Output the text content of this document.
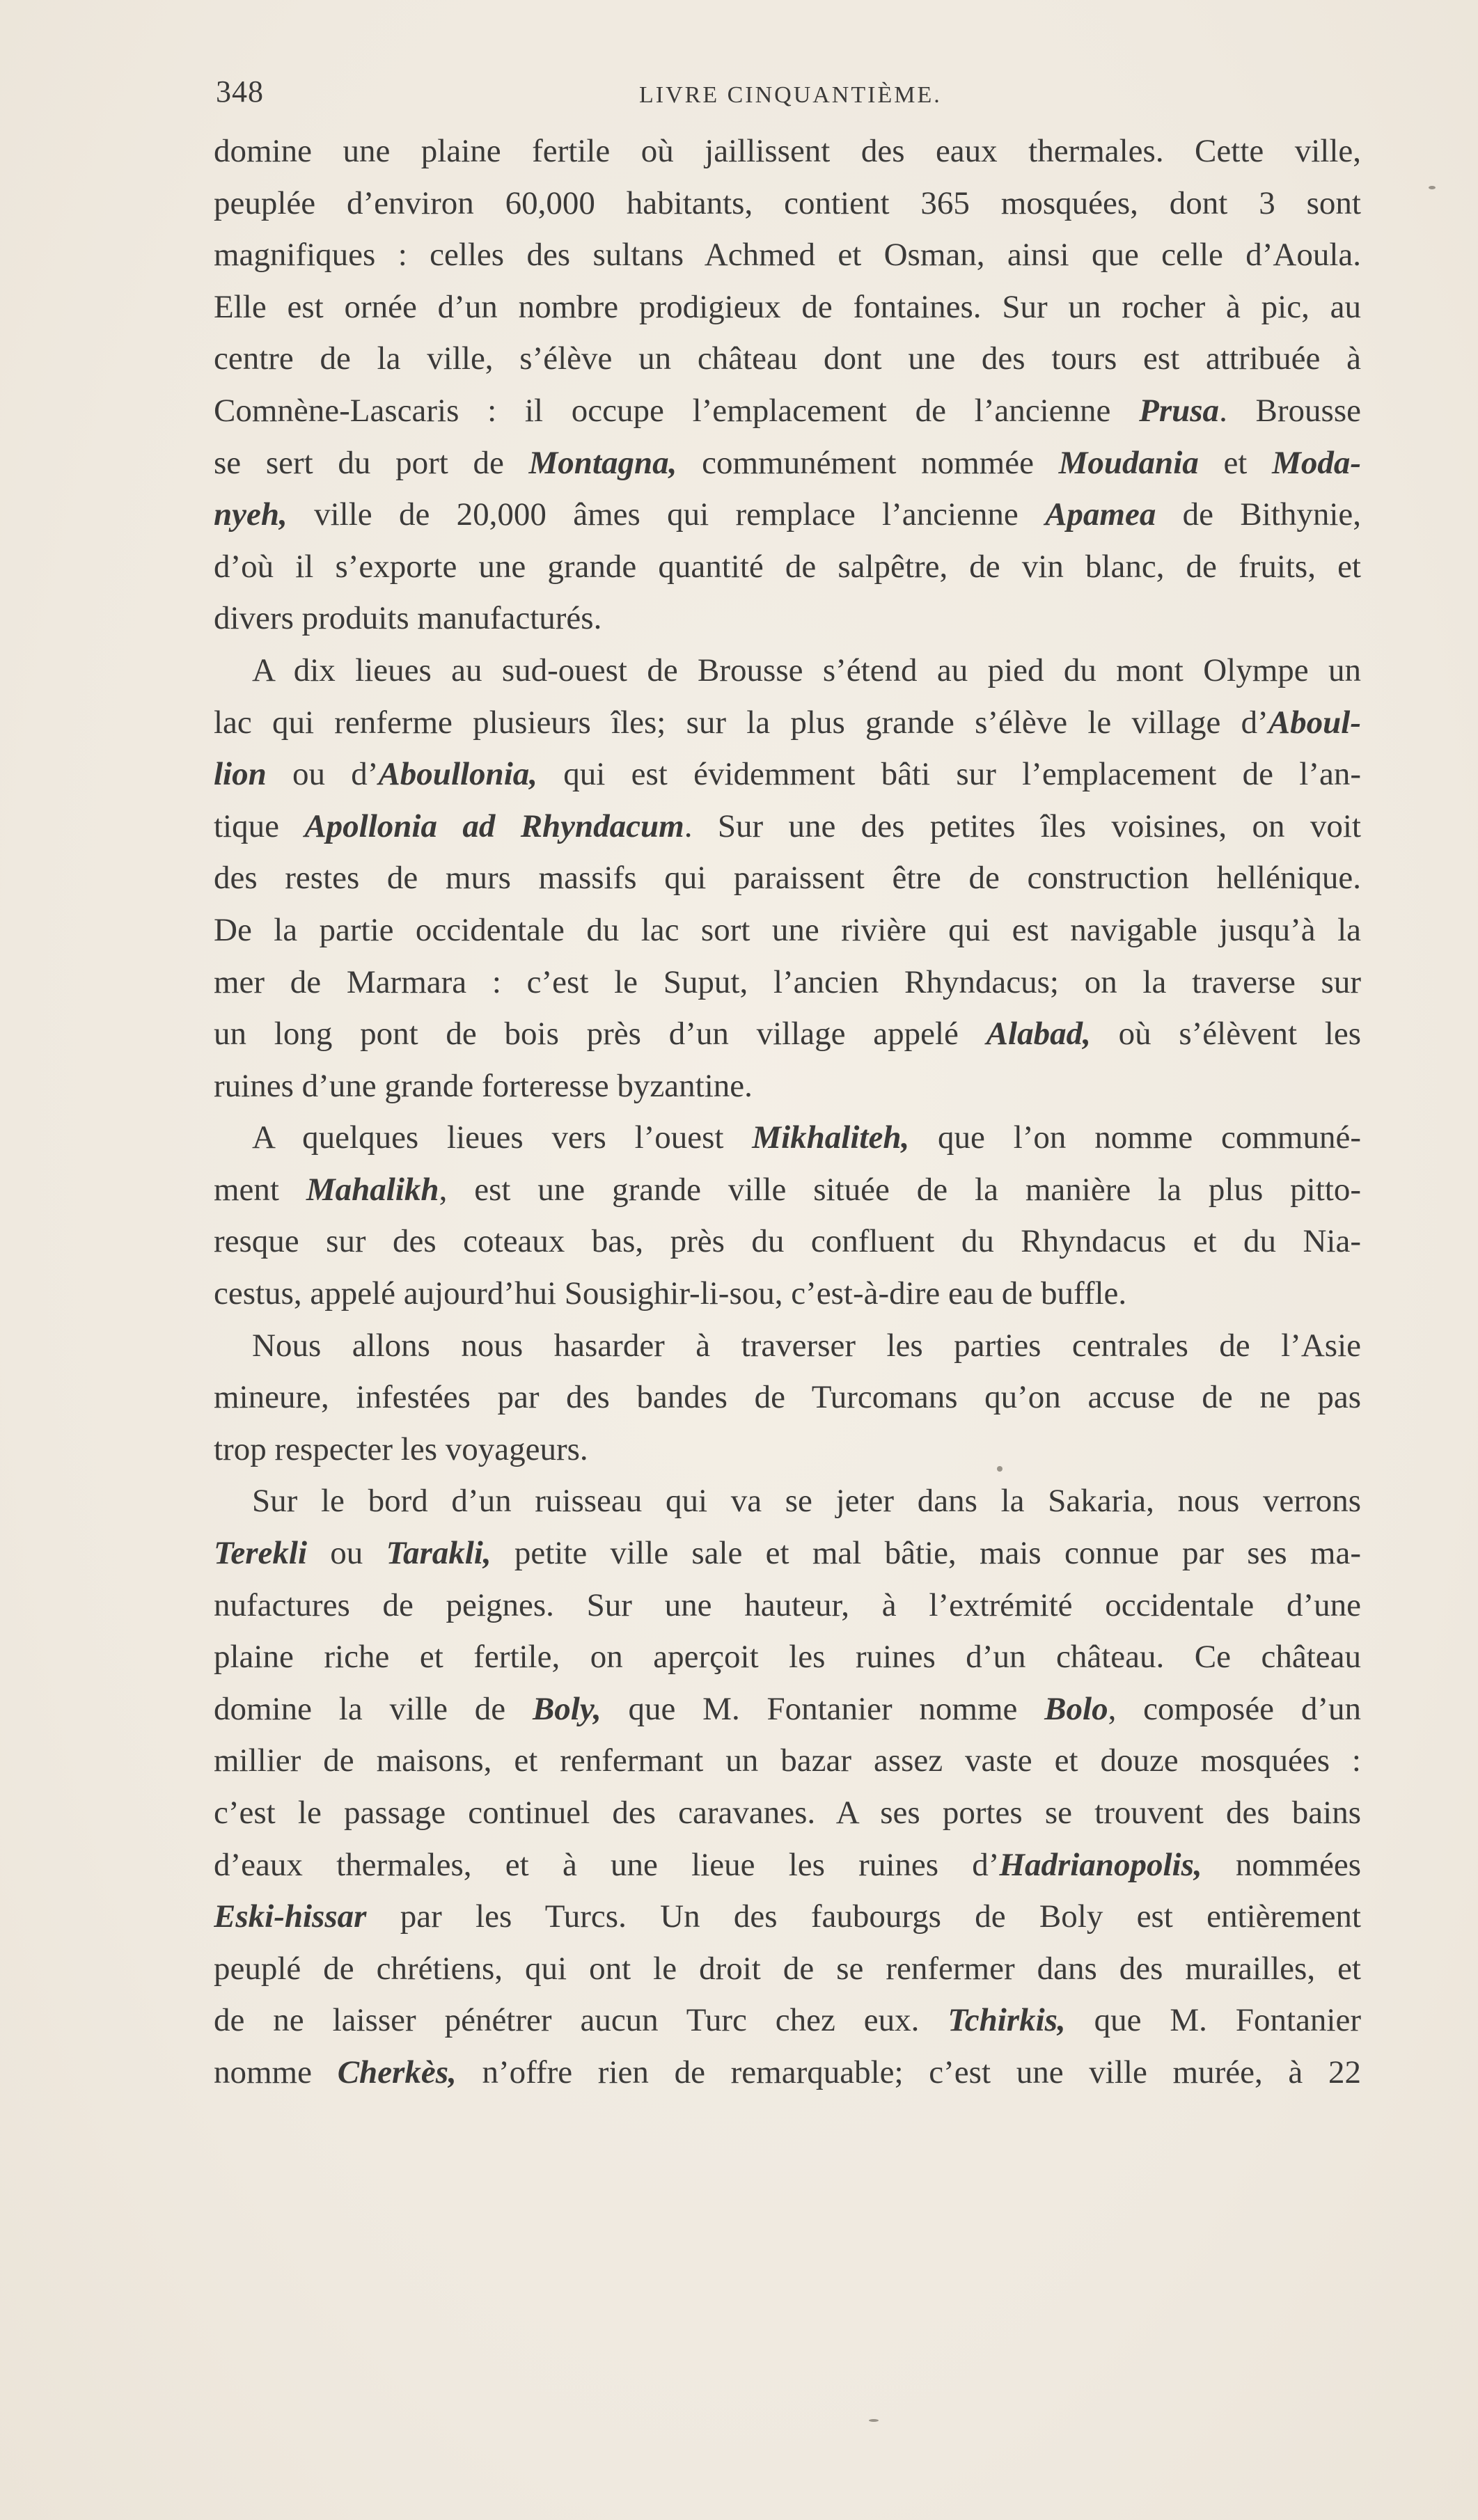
348	LIVRE CINQUANTIÈME.
domine une plaine fertile où jaillissent des eaux thermales. Cette ville,
peuplée d’environ 60,000 habitants, contient 365 mosquées, dont 3 sont
magnifiques : celles des sultans Achmed et Osman, ainsi que celle d’Aoula.
Elle est ornée d’un nombre prodigieux de fontaines. Sur un rocher à pic, au
centre de la ville, s’élève un château dont une des tours est attribuée à
Comnène-Lascaris : il occupe l’emplacement de l’ancienne Prusa. Brousse
se sert du port de Montagna, communément nommée Moudania et Moda-
nyeh, ville de 20,000 âmes qui remplace l’ancienne Apamea de Bithynie,
d’où il s’exporte une grande quantité de salpêtre, de vin blanc, de fruits, et
divers produits manufacturés.
A dix lieues au sud-ouest de Brousse s’étend au pied du mont Olympe un
lac qui renferme plusieurs îles; sur la plus grande s’élève le village d’Aboul-
lion ou d’Aboullonia, qui est évidemment bâti sur l’emplacement de l’an-
tique Apollonia ad Rhyndacum. Sur une des petites îles voisines, on voit
des restes de murs massifs qui paraissent être de construction hellénique.
De la partie occidentale du lac sort une rivière qui est navigable jusqu’à la
mer de Marmara : c’est le Suput, l’ancien Rhyndacus; on la traverse sur
un long pont de bois près d’un village appelé Alabad, où s’élèvent les
ruines d’une grande forteresse byzantine.
A quelques lieues vers l’ouest Mikhaliteh, que l’on nomme communé-
ment Mahalikh, est une grande ville située de la manière la plus pitto-
resque sur des coteaux bas, près du confluent du Rhyndacus et du Nia-
cestus, appelé aujourd’hui Sousighir-li-sou, c’est-à-dire eau de buffle.
Nous allons nous hasarder à traverser les parties centrales de l’Asie
mineure, infestées par des bandes de Turcomans qu’on accuse de ne pas
trop respecter les voyageurs.
Sur le bord d’un ruisseau qui va se jeter dans la Sakaria, nous verrons
Terekli ou Tarakli, petite ville sale et mal bâtie, mais connue par ses ma-
nufactures de peignes. Sur une hauteur, à l’extrémité occidentale d’une
plaine riche et fertile, on aperçoit les ruines d’un château. Ce château
domine la ville de Boly, que M. Fontanier nomme Bolo, composée d’un
millier de maisons, et renfermant un bazar assez vaste et douze mosquées :
c’est le passage continuel des caravanes. A ses portes se trouvent des bains
d’eaux thermales, et à une lieue les ruines d’Hadrianopolis, nommées
Eski-hissar par les Turcs. Un des faubourgs de Boly est entièrement
peuplé de chrétiens, qui ont le droit de se renfermer dans des murailles, et
de ne laisser pénétrer aucun Turc chez eux. Tchirkis, que M. Fontanier
nomme Cherkès, n’offre rien de remarquable; c’est une ville murée, à 22
